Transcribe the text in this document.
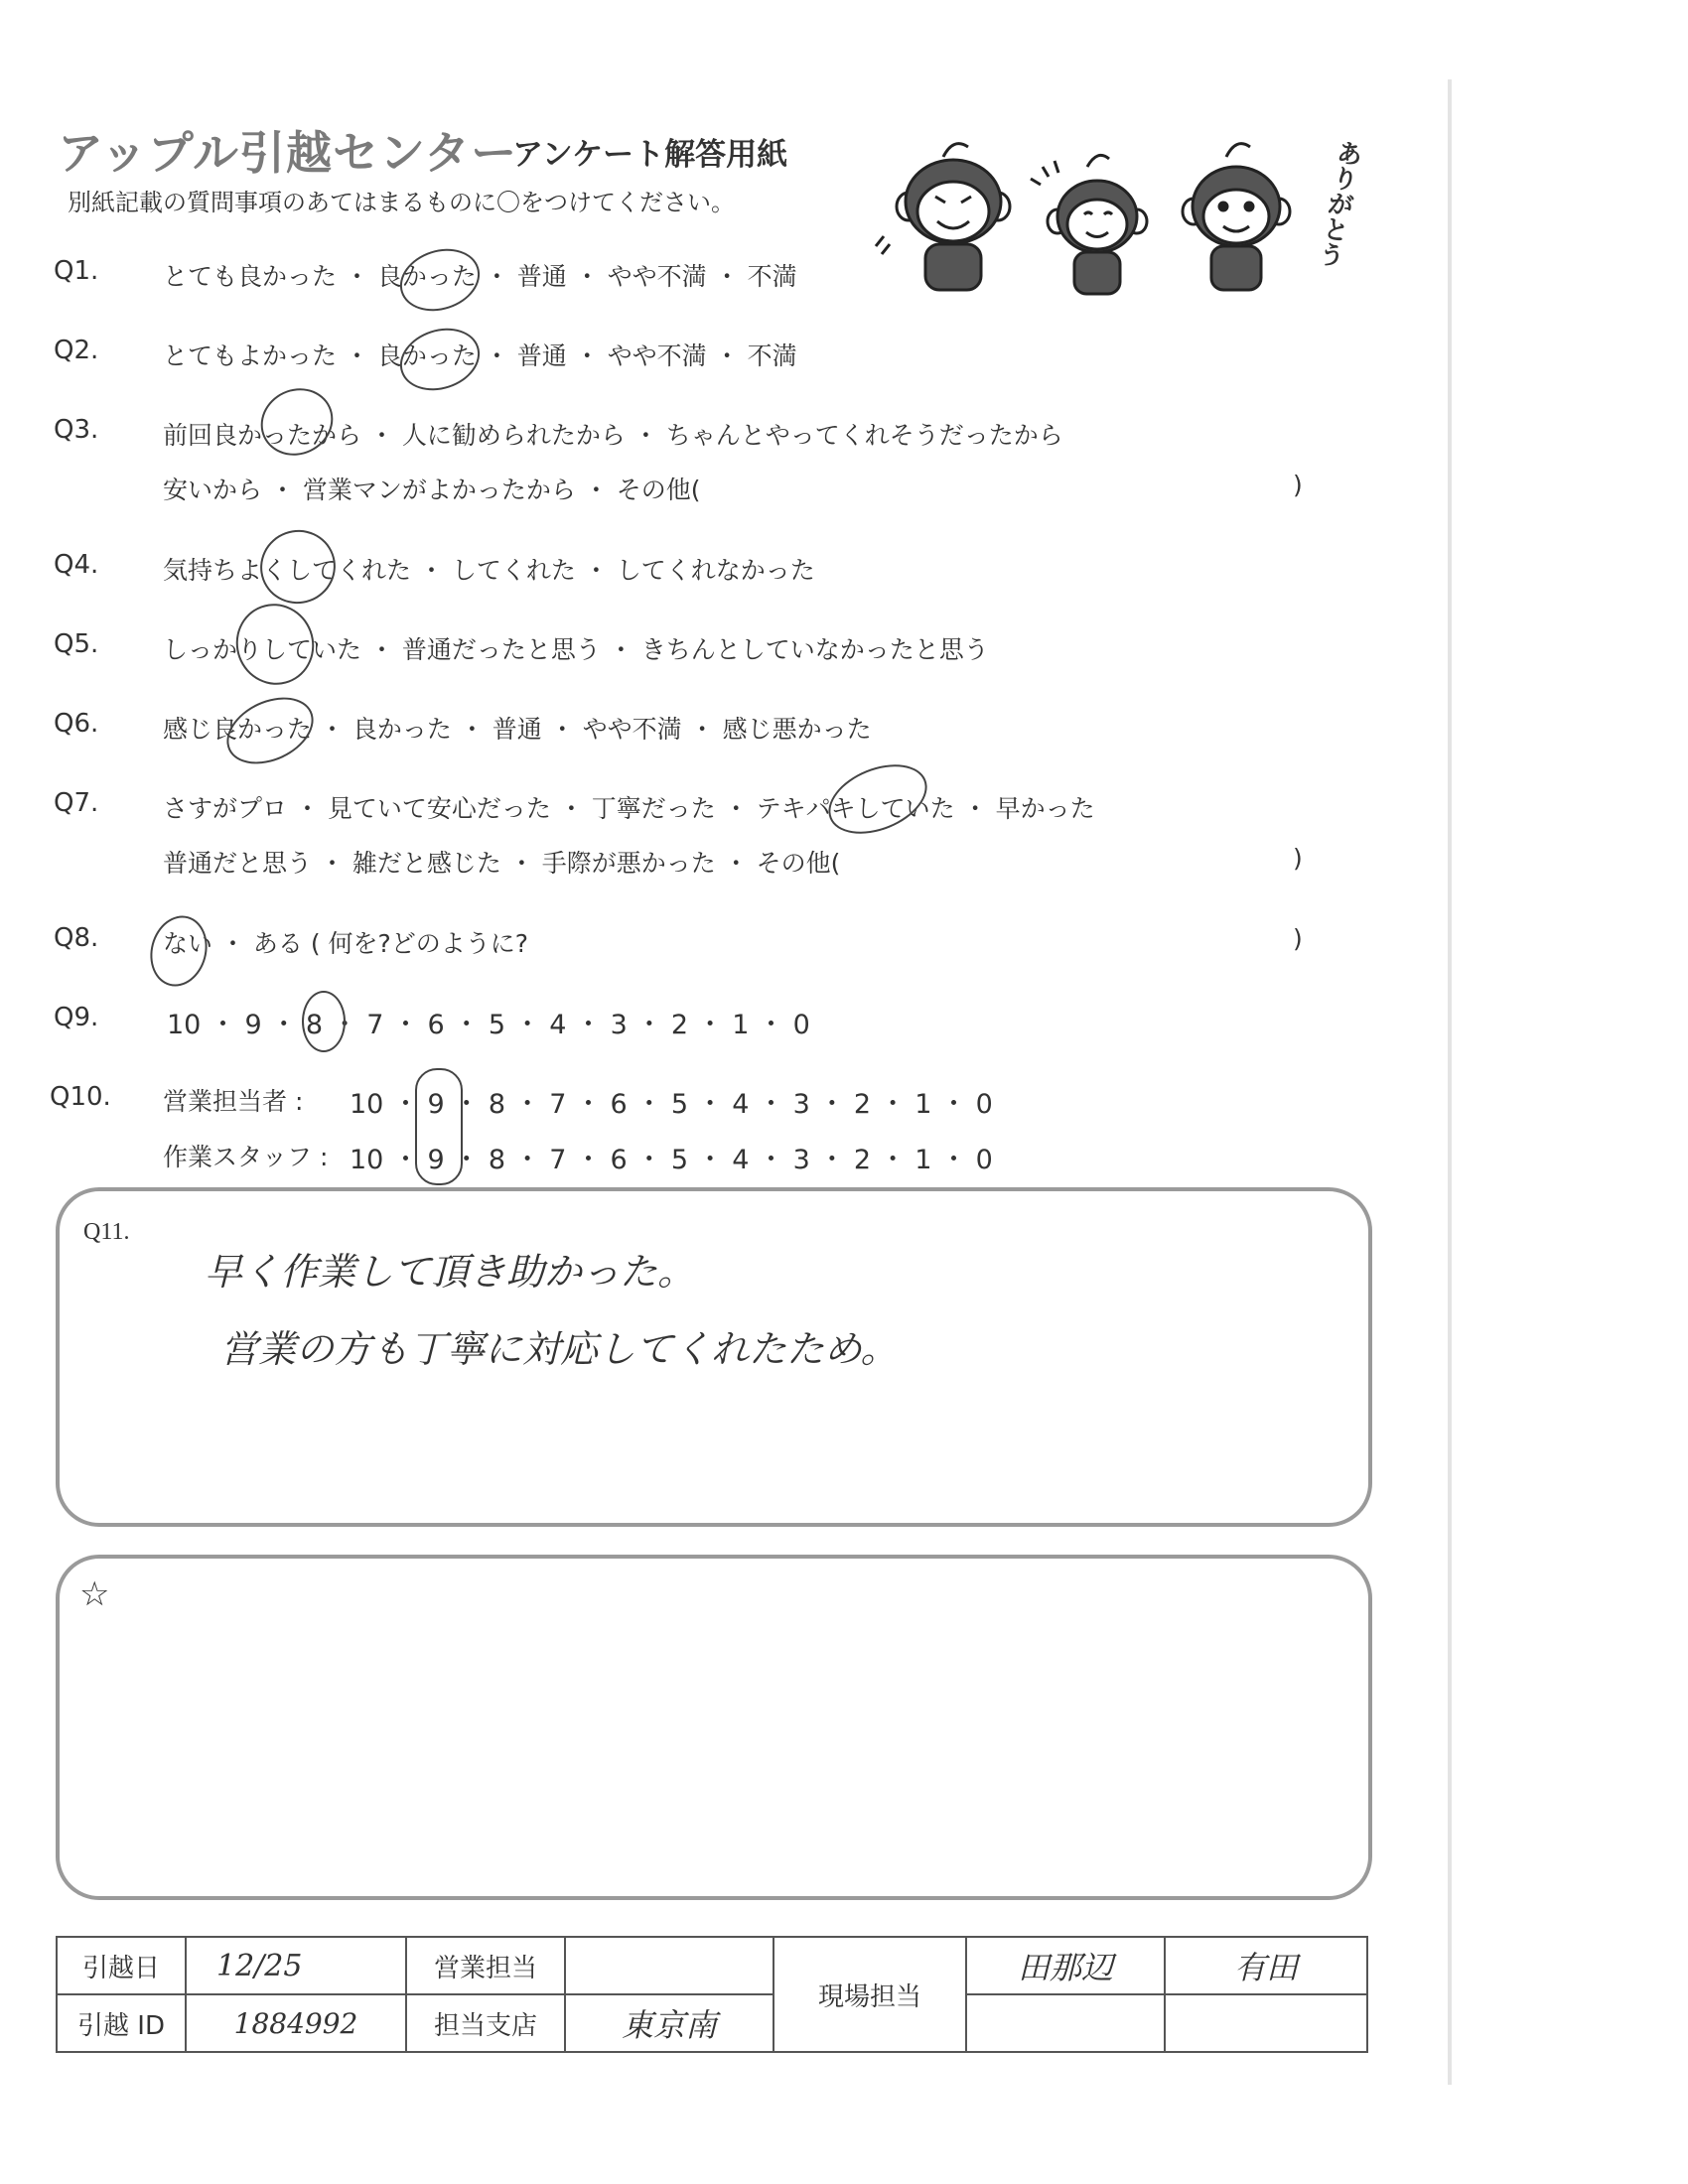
アップル引越センター
アンケート解答用紙
別紙記載の質問事項のあてはまるものに〇をつけてください。	ありがとう
Q1.	とても良かった ・ 良かった ・ 普通 ・ やや不満 ・ 不満
Q2.	とてもよかった ・ 良かった ・ 普通 ・ やや不満 ・ 不満
Q3.	前回良かったから ・ 人に勧められたから ・ ちゃんとやってくれそうだったから
安いから ・ 営業マンがよかったから ・ その他(	)
Q4.	気持ちよくしてくれた ・ してくれた ・ してくれなかった
Q5.	しっかりしていた ・ 普通だったと思う ・ きちんとしていなかったと思う
Q6.	感じ良かった ・ 良かった ・ 普通 ・ やや不満 ・ 感じ悪かった
Q7.	さすがプロ ・ 見ていて安心だった ・ 丁寧だった ・ テキパキしていた ・ 早かった
普通だと思う ・ 雑だと感じた ・ 手際が悪かった ・ その他(	)
Q8.	ない ・ ある ( 何を?どのように?	)
Q9.	10 ・ 9 ・ 8 ・ 7 ・ 6 ・ 5 ・ 4 ・ 3 ・ 2 ・ 1 ・ 0
Q10. 営業担当者 : 10 ・ 9 ・ 8 ・ 7 ・ 6 ・ 5 ・ 4 ・ 3 ・ 2 ・ 1 ・ 0
作業スタッフ : 10 ・ 9 ・ 8 ・ 7 ・ 6 ・ 5 ・ 4 ・ 3 ・ 2 ・ 1 ・ 0
Q11.
早く作業して頂き助かった。
営業の方も丁寧に対応してくれたため。
☆
引越日	12/25	営業担当		現場担当	田那辺	有田
引越 ID	1884992	担当支店	東京南			
